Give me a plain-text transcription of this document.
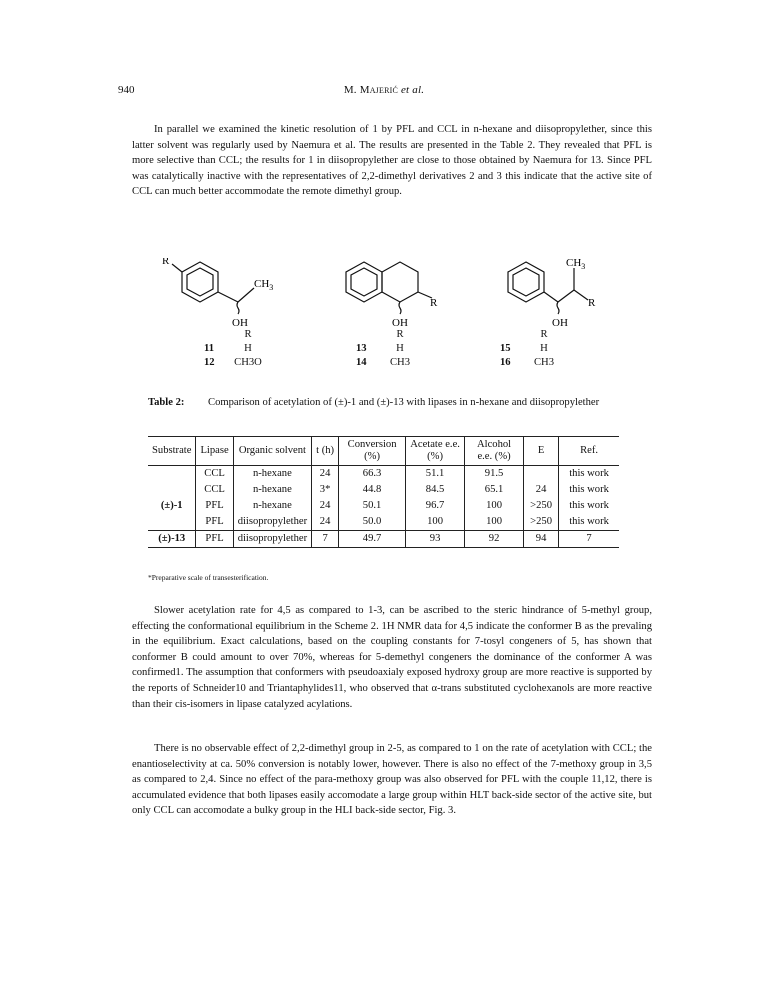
940	M. Majerić et al.

In parallel we examined the kinetic resolution of 1 by PFL and CCL in n-hexane and diisopropylether, since this latter solvent was regularly used by Naemura et al. The results are presented in the Table 2. They revealed that PFL is more selective than CCL; the results for 1 in diisopropylether are close to those obtained by Naemura for 13. Since PFL was catalytically inactive with the representatives of 2,2-dimethyl derivatives 2 and 3 this indicate that the active site of CCL can much better accommodate the remote dimethyl group.

R
$CH_3$
OH
R
OH
$CH_3$
R
OH
R
11	H
12	CH3O
R
13	H
14	CH3
R
15	H
16	CH3
Table 2: Comparison of acetylation of (±)-1 and (±)-13 with lipases in n-hexane and diisopropylether
Substrate	Lipase	Organic solvent	t (h)	Conversion (%)	Acetate e.e. (%)	Alcohol e.e. (%)	E	Ref.
	CCL	n-hexane	24	66.3	51.1	91.5		this work
	CCL	n-hexane	3*	44.8	84.5	65.1	24	this work
(±)-1	PFL	n-hexane	24	50.1	96.7	100	>250	this work
	PFL	diisopropylether	24	50.0	100	100	>250	this work
(±)-13	PFL	diisopropylether	7	49.7	93	92	94	7
*Preparative scale of transesterification.

Slower acetylation rate for 4,5 as compared to 1-3, can be ascribed to the steric hindrance of 5-methyl group, effecting the conformational equilibrium in the Scheme 2. 1H NMR data for 4,5 indicate the conformer B as the prevaling in the equilibrium. Exact calculations, based on the coupling constants for 7-tosyl congeners of 5, has shown that conformer B could amount to over 70%, whereas for 5-demethyl congeners the dominance of the conformer A was confirmed1. The assumption that conformers with pseudoaxialy exposed hydroxy group are more reactive is supported by the reports of Schneider10 and Triantaphylides11, who observed that α-trans substituted cyclohexanols are more reactive than their cis-isomers in lipase catalyzed acylations.

There is no observable effect of 2,2-dimethyl group in 2-5, as compared to 1 on the rate of acetylation with CCL; the enantioselectivity at ca. 50% conversion is notably lower, however. There is also no effect of the 7-methoxy group in 3,5 as compared to 2,4. Since no effect of the para-methoxy group was also observed for PFL with the couple 11,12, there is accumulated evidence that both lipases easily accomodate a large group within HLT back-side sector of the active site, but only CCL can accomodate a bulky group in the HLI back-side sector, Fig. 3.
